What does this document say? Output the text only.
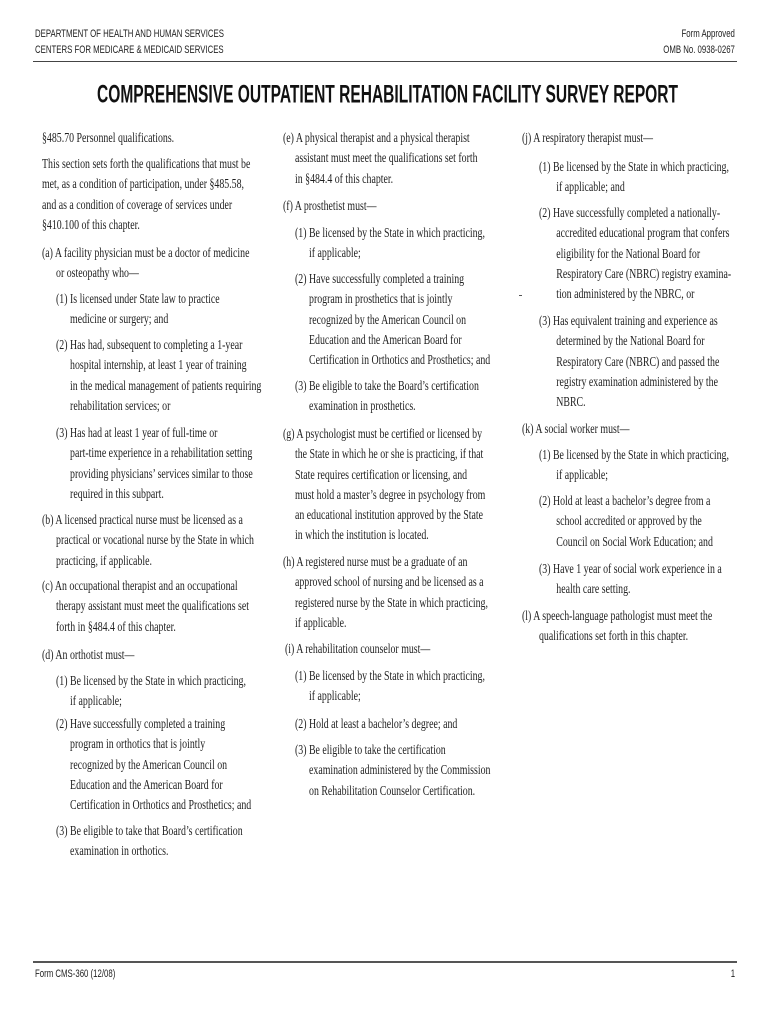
DEPARTMENT OF HEALTH AND HUMAN SERVICES
CENTERS FOR MEDICARE & MEDICAID SERVICES
Form Approved
OMB No. 0938-0267
COMPREHENSIVE OUTPATIENT REHABILITATION FACILITY SURVEY REPORT

§485.70 Personnel qualifications.

This section sets forth the qualifications that must be
met, as a condition of participation, under §485.58,
and as a condition of coverage of services under
§410.100 of this chapter.

(a) A facility physician must be a doctor of medicine
or osteopathy who—

(1) Is licensed under State law to practice
medicine or surgery; and

(2) Has had, subsequent to completing a 1-year
hospital internship, at least 1 year of training
in the medical management of patients requiring
rehabilitation services; or

(3) Has had at least 1 year of full-time or
part-time experience in a rehabilitation setting
providing physicians’ services similar to those
required in this subpart.

(b) A licensed practical nurse must be licensed as a
practical or vocational nurse by the State in which
practicing, if applicable.

(c) An occupational therapist and an occupational
therapy assistant must meet the qualifications set
forth in §484.4 of this chapter.

(d) An orthotist must—

(1) Be licensed by the State in which practicing,
if applicable;

(2) Have successfully completed a training
program in orthotics that is jointly
recognized by the American Council on
Education and the American Board for
Certification in Orthotics and Prosthetics; and

(3) Be eligible to take that Board’s certification
examination in orthotics.

(e) A physical therapist and a physical therapist
assistant must meet the qualifications set forth
in §484.4 of this chapter.

(f) A prosthetist must—

(1) Be licensed by the State in which practicing,
if applicable;

(2) Have successfully completed a training
program in prosthetics that is jointly
recognized by the American Council on
Education and the American Board for
Certification in Orthotics and Prosthetics; and

(3) Be eligible to take the Board’s certification
examination in prosthetics.

(g) A psychologist must be certified or licensed by
the State in which he or she is practicing, if that
State requires certification or licensing, and
must hold a master’s degree in psychology from
an educational institution approved by the State
in which the institution is located.

(h) A registered nurse must be a graduate of an
approved school of nursing and be licensed as a
registered nurse by the State in which practicing,
if applicable.

(i) A rehabilitation counselor must—

(1) Be licensed by the State in which practicing,
if applicable;

(2) Hold at least a bachelor’s degree; and

(3) Be eligible to take the certification
examination administered by the Commission
on Rehabilitation Counselor Certification.

(j) A respiratory therapist must—

(1) Be licensed by the State in which practicing,
if applicable; and

(2) Have successfully completed a nationally-
accredited educational program that confers
eligibility for the National Board for
Respiratory Care (NBRC) registry examina-
tion administered by the NBRC, or

(3) Has equivalent training and experience as
determined by the National Board for
Respiratory Care (NBRC) and passed the
registry examination administered by the
NBRC.

(k) A social worker must—

(1) Be licensed by the State in which practicing,
if applicable;

(2) Hold at least a bachelor’s degree from a
school accredited or approved by the
Council on Social Work Education; and

(3) Have 1 year of social work experience in a
health care setting.

(l) A speech-language pathologist must meet the
qualifications set forth in this chapter.

Form CMS-360 (12/08)	1
